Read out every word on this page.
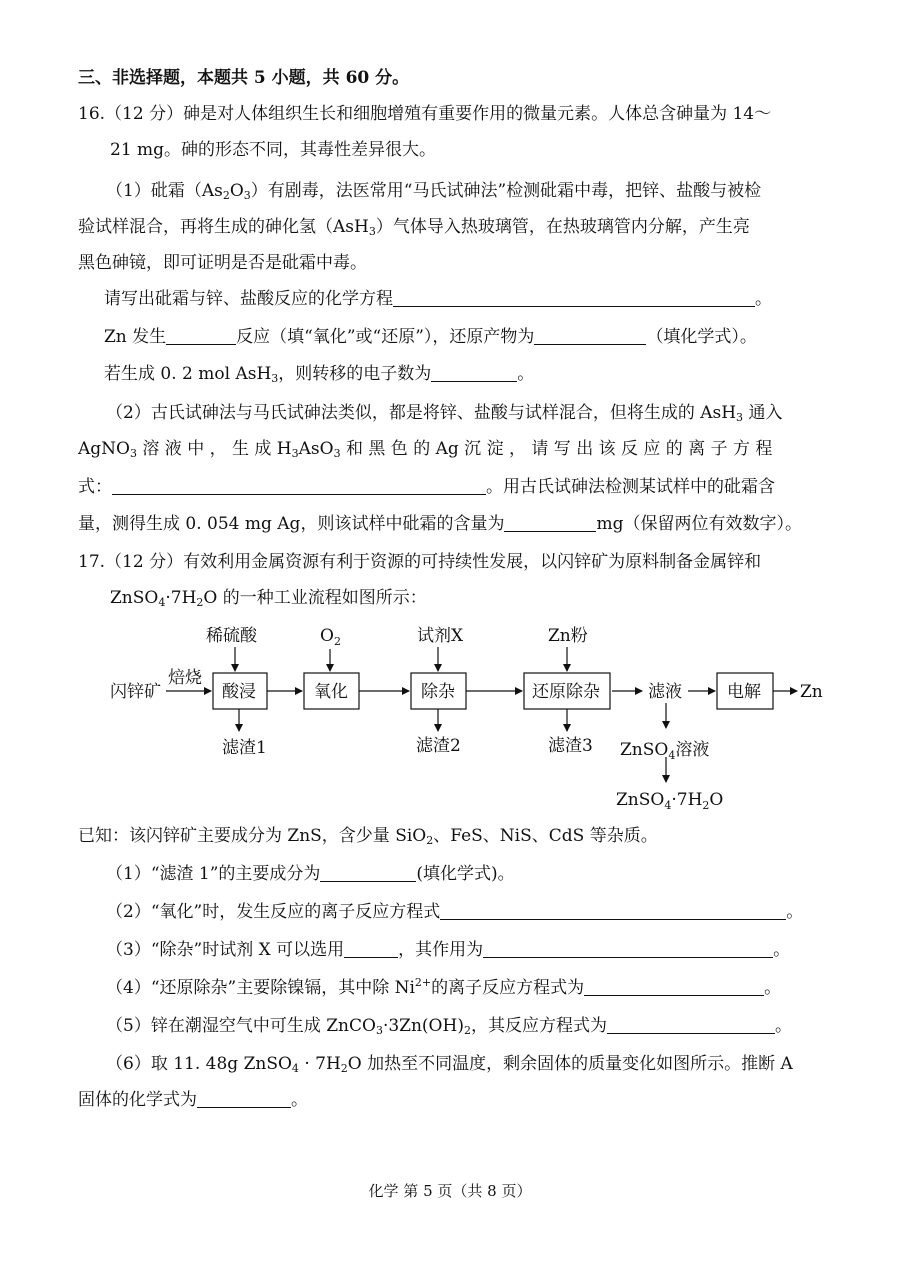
三、非选择题，本题共 5 小题，共 60 分。
16.（12 分）砷是对人体组织生长和细胞增殖有重要作用的微量元素。人体总含砷量为 14～
21 mg。砷的形态不同，其毒性差异很大。
（1）砒霜$(As_2O_3)$有剧毒，法医常用“马氏试砷法”检测砒霜中毒，把锌、盐酸与被检
验试样混合，再将生成的砷化氢（AsH$_3$）气体导入热玻璃管，在热玻璃管内分解，产生亮
黑色砷镜，即可证明是否是砒霜中毒。
请写出砒霜与锌、盐酸反应的化学方程	。
Zn 发生	反应（填“氧化”或“还原”），还原产物为	（填化学式）。
若生成 0. 2 mol AsH$_3$，则转移的电子数为	。
（2）古氏试砷法与马氏试砷法类似，都是将锌、盐酸与试样混合，但将生成的 AsH$_3$ 通入
AgNO$_3$ 溶 液 中 ， 生 成 $H_3AsO_3$ 和 黑 色 的 Ag 沉 淀 ， 请 写 出 该 反 应 的 离 子 方 程
式：	。用古氏试砷法检测某试样中的砒霜含
量，测得生成 0. 054 mg Ag，则该试样中砒霜的含量为	mg（保留两位有效数字）。
17.（12 分）有效利用金属资源有利于资源的可持续性发展，以闪锌矿为原料制备金属锌和
$ZnSO_4\cdot 7H_2O$ 的一种工业流程如图所示：
闪锌矿
焙烧
酸浸	氧化	除杂	还原除杂	滤液	电解 Zn
稀硫酸	$O_2$	试剂X	Zn粉
滤渣1	滤渣2	滤渣3 ZnSO$_4$溶液
$ZnSO_4\cdot 7H_2O$
已知：该闪锌矿主要成分为 ZnS，含少量 SiO$_2$、FeS、NiS、CdS 等杂质。
（1）“滤渣 1”的主要成分为	(填化学式)。
（2）“氧化”时，发生反应的离子反应方程式	。
（3）“除杂”时试剂 X 可以选用	，其作用为	。
（4）“还原除杂”主要除镍镉，其中除 $Ni^{2+}$的离子反应方程式为	。
（5）锌在潮湿空气中可生成 $ZnCO_3\cdot 3Zn(OH)_2$，其反应方程式为	。
（6）取 11. 48g ZnSO$_4$ · $7H_2O$ 加热至不同温度，剩余固体的质量变化如图所示。推断 A
固体的化学式为	。
化学 第 5 页（共 8 页）
